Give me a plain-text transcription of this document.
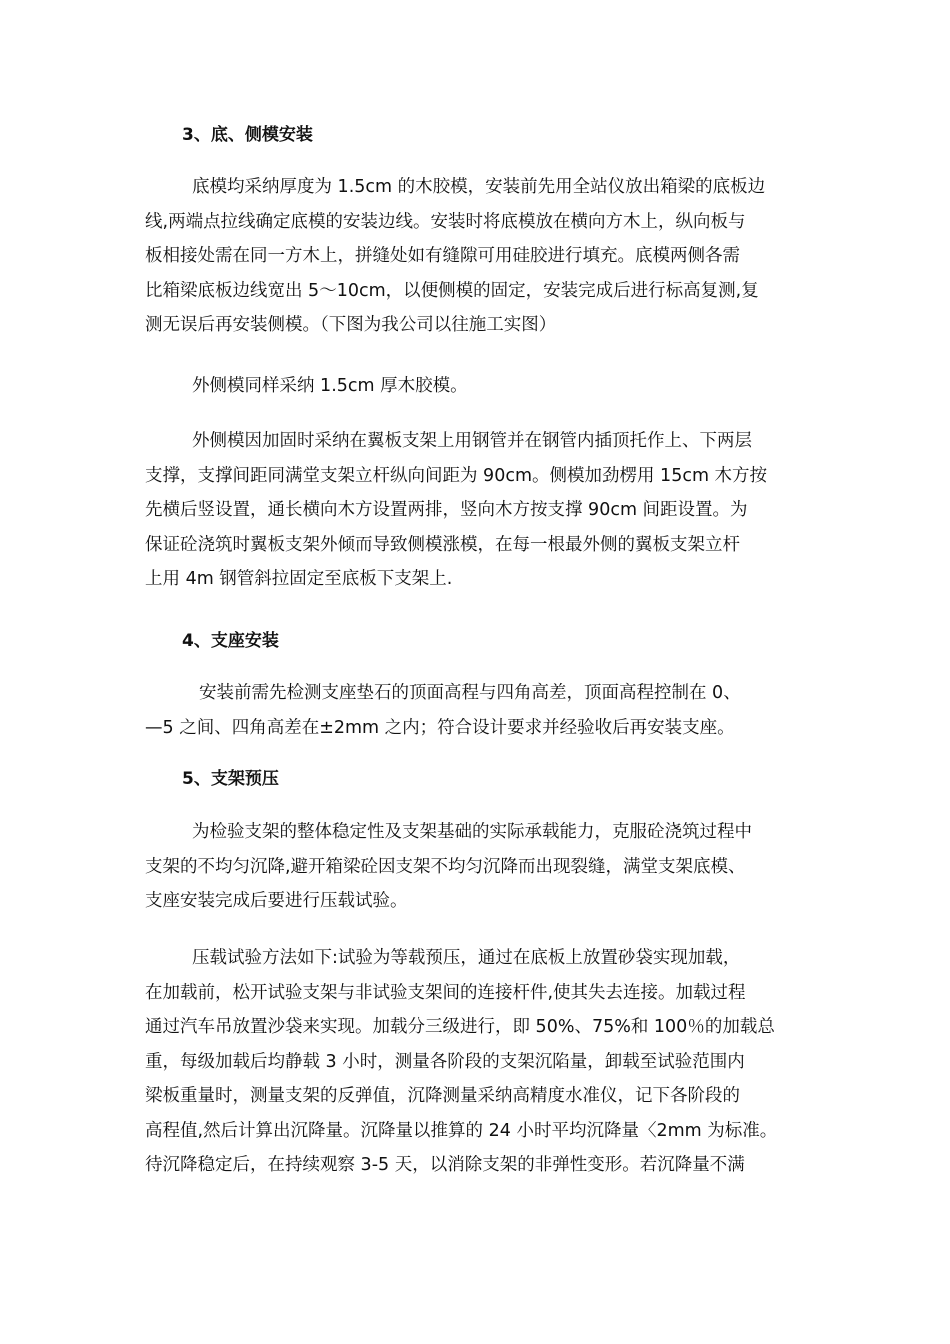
3、底、侧模安装
底模均采纳厚度为 1.5cm 的木胶模，安装前先用全站仪放出箱梁的底板边
线,两端点拉线确定底模的安装边线。安装时将底模放在横向方木上，纵向板与
板相接处需在同一方木上，拼缝处如有缝隙可用硅胶进行填充。底模两侧各需
比箱梁底板边线宽出 5～10cm，以便侧模的固定，安装完成后进行标高复测,复
测无误后再安装侧模。（下图为我公司以往施工实图）
外侧模同样采纳 1.5cm 厚木胶模。
外侧模因加固时采纳在翼板支架上用钢管并在钢管内插顶托作上、下两层
支撑，支撑间距同满堂支架立杆纵向间距为 90cm。侧模加劲楞用 15cm 木方按
先横后竖设置，通长横向木方设置两排，竖向木方按支撑 90cm 间距设置。为
保证砼浇筑时翼板支架外倾而导致侧模涨模，在每一根最外侧的翼板支架立杆
上用 4m 钢管斜拉固定至底板下支架上.
4、支座安装
安装前需先检测支座垫石的顶面高程与四角高差，顶面高程控制在 0、
—5 之间、四角高差在±2mm 之内；符合设计要求并经验收后再安装支座。
5、支架预压
为检验支架的整体稳定性及支架基础的实际承载能力，克服砼浇筑过程中
支架的不均匀沉降,避开箱梁砼因支架不均匀沉降而出现裂缝，满堂支架底模、
支座安装完成后要进行压载试验。
压载试验方法如下:试验为等载预压，通过在底板上放置砂袋实现加载，
在加载前，松开试验支架与非试验支架间的连接杆件,使其失去连接。加载过程
通过汽车吊放置沙袋来实现。加载分三级进行，即 50%、75%和 100％的加载总
重，每级加载后均静载 3 小时，测量各阶段的支架沉陷量，卸载至试验范围内
梁板重量时，测量支架的反弹值，沉降测量采纳高精度水准仪，记下各阶段的
高程值,然后计算出沉降量。沉降量以推算的 24 小时平均沉降量〈2mm 为标准。
待沉降稳定后，在持续观察 3-5 天，以消除支架的非弹性变形。若沉降量不满
